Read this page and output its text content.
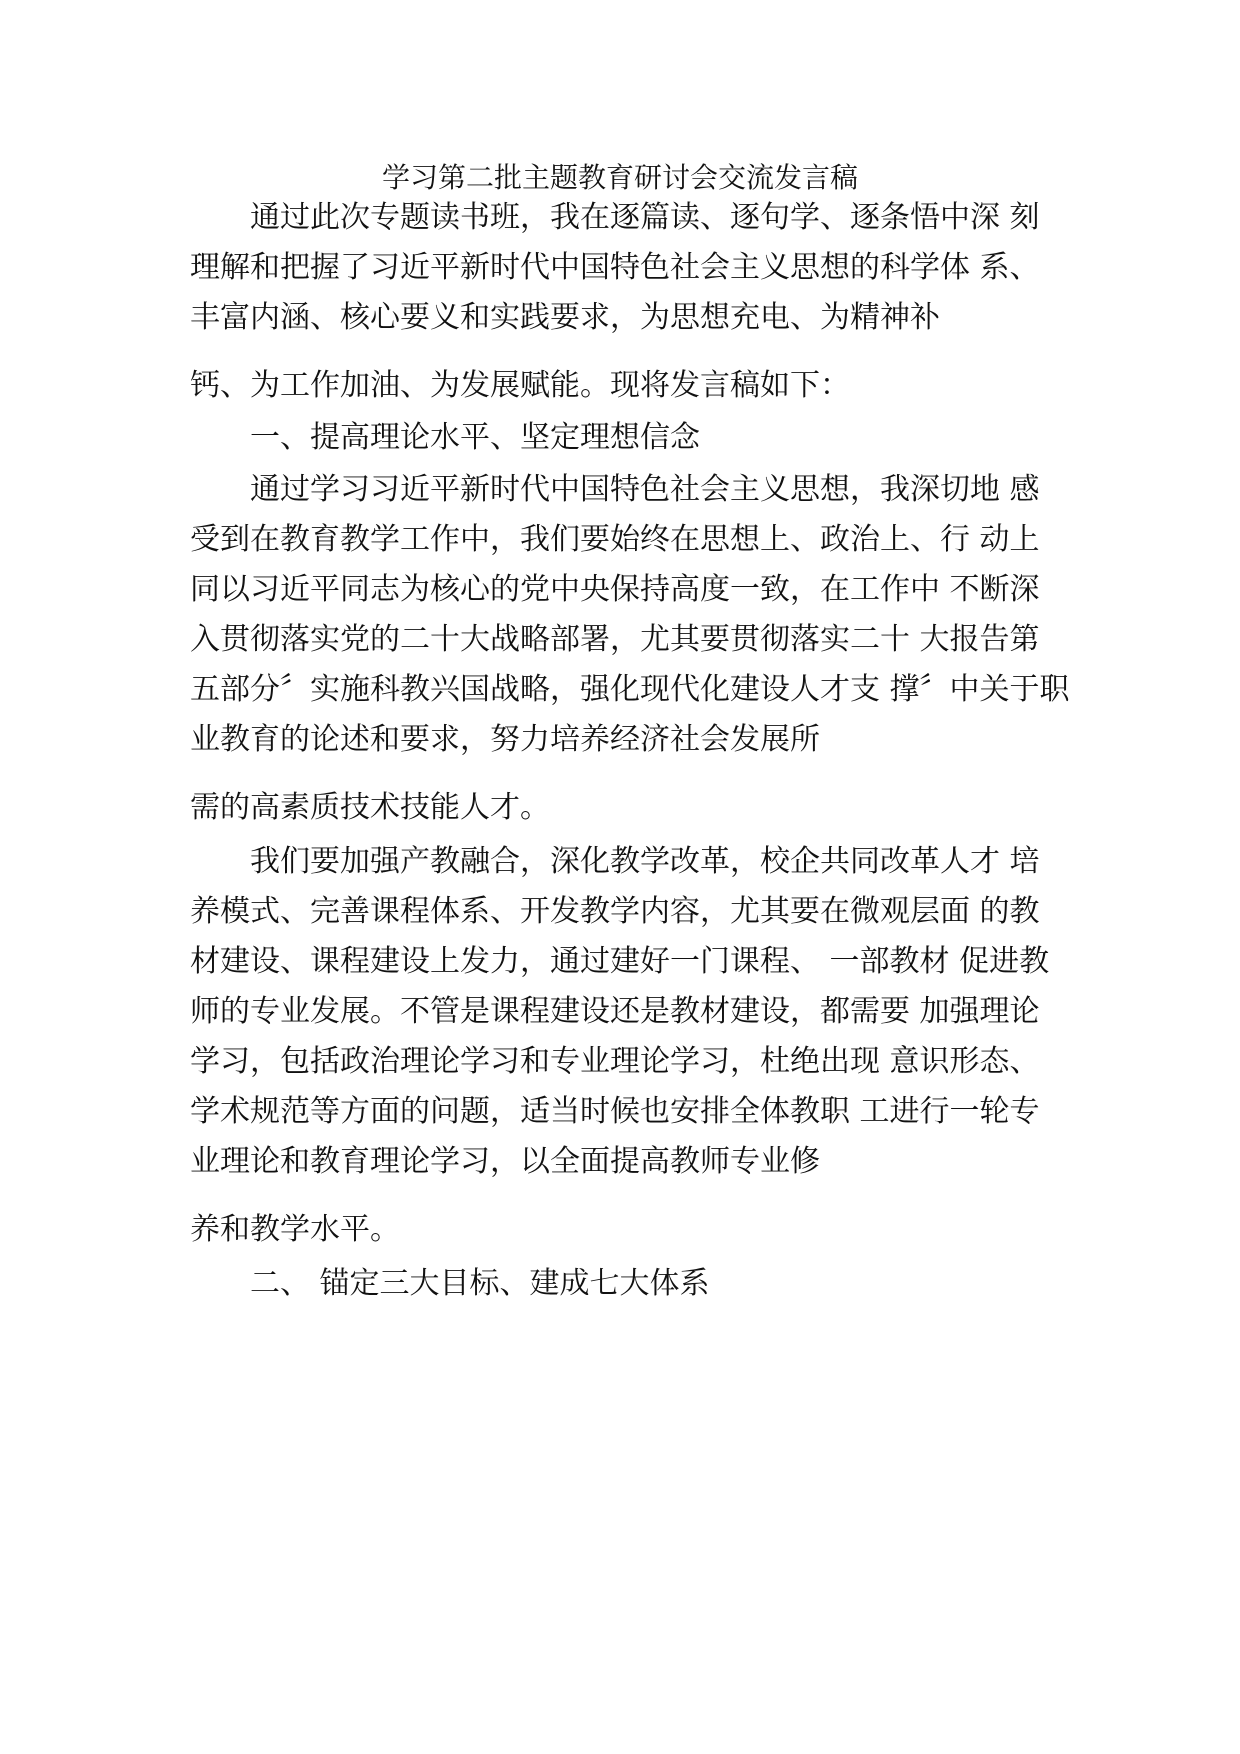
学习第二批主题教育研讨会交流发言稿
通过此次专题读书班，我在逐篇读、逐句学、逐条悟中深 刻
理解和把握了习近平新时代中国特色社会主义思想的科学体 系、
丰富内涵、核心要义和实践要求，为思想充电、为精神补
钙、为工作加油、为发展赋能。现将发言稿如下：
一、提高理论水平、坚定理想信念
通过学习习近平新时代中国特色社会主义思想，我深切地 感
受到在教育教学工作中，我们要始终在思想上、政治上、行 动上
同以习近平同志为核心的党中央保持高度一致，在工作中 不断深
入贯彻落实党的二十大战略部署，尤其要贯彻落实二十 大报告第
五部分〞实施科教兴国战略，强化现代化建设人才支 撑〞中关于职
业教育的论述和要求，努力培养经济社会发展所
需的高素质技术技能人才。
我们要加强产教融合，深化教学改革，校企共同改革人才 培
养模式、完善课程体系、开发教学内容，尤其要在微观层面 的教
材建设、课程建设上发力，通过建好一门课程、 一部教材 促进教
师的专业发展。不管是课程建设还是教材建设，都需要 加强理论
学习，包括政治理论学习和专业理论学习，杜绝出现 意识形态、
学术规范等方面的问题，适当时候也安排全体教职 工进行一轮专
业理论和教育理论学习，以全面提高教师专业修
养和教学水平。
二、 锚定三大目标、建成七大体系
